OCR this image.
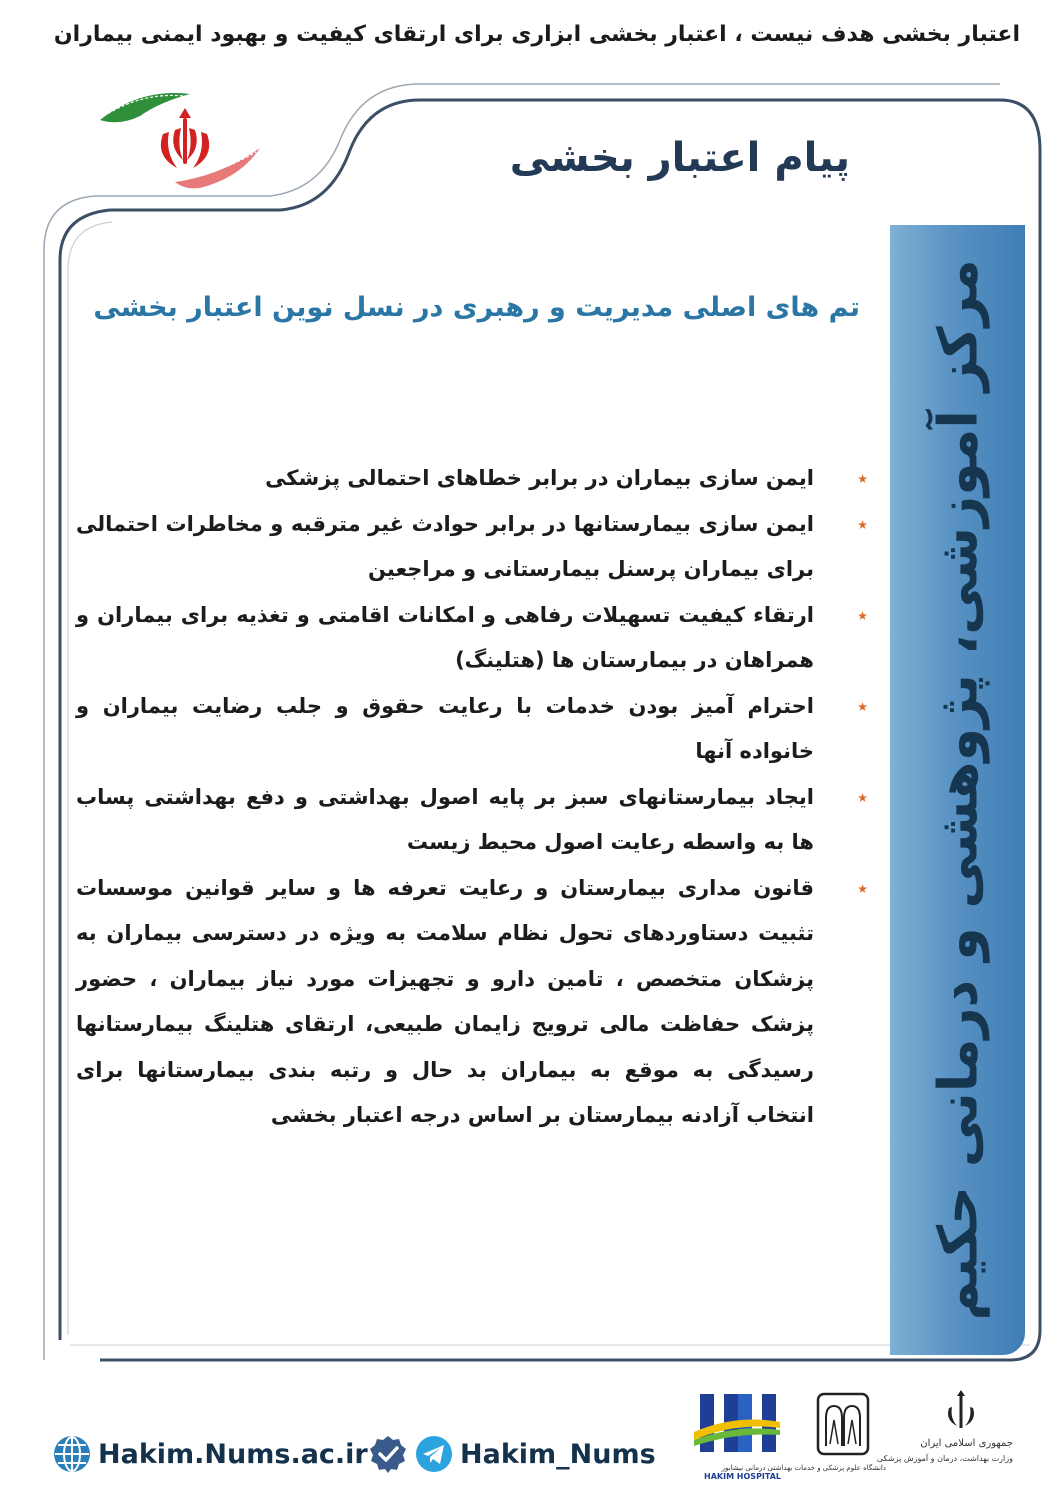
اعتبار بخشی هدف نیست ، اعتبار بخشی ابزاری برای ارتقای کیفیت و بهبود ایمنی بیماران
پیام اعتبار بخشی
مرکز آموزشی، پژوهشی و درمانی حکیم
تم های اصلی مدیریت و رهبری در نسل نوین اعتبار بخشی
٭
ایمن سازی بیماران در برابر خطاهای احتمالی پزشکی
٭
ایمن سازی بیمارستانها در برابر حوادث غیر مترقبه و مخاطرات احتمالی برای بیماران پرسنل بیمارستانی و مراجعین
٭
ارتقاء کیفیت تسهیلات رفاهی و امکانات اقامتی و تغذیه برای بیماران و همراهان در بیمارستان ها (هتلینگ)
٭
احترام آمیز بودن خدمات با رعایت حقوق و جلب رضایت بیماران و خانواده آنها
٭
ایجاد بیمارستانهای سبز بر پایه اصول بهداشتی و دفع بهداشتی پساب ها به واسطه رعایت اصول محیط زیست
٭
قانون مداری بیمارستان و رعایت تعرفه ها و سایر قوانین موسسات تثبیت دستاوردهای تحول نظام سلامت به ویژه در دسترسی بیماران به پزشکان متخصص ، تامین دارو و تجهیزات مورد نیاز بیماران ، حضور پزشک حفاظت مالی ترویج زایمان طبیعی، ارتقای هتلینگ بیمارستانها رسیدگی به موقع به بیماران بد حال و رتبه بندی بیمارستانها برای انتخاب آزادنه بیمارستان بر اساس درجه اعتبار بخشی
Hakim.Nums.ac.ir	Hakim_Nums
HAKIM HOSPITAL
دانشگاه علوم پزشکی و خدمات بهداشتی درمانی نیشابور
جمهوری اسلامی ایران
وزارت بهداشت، درمان و آموزش پزشکی
